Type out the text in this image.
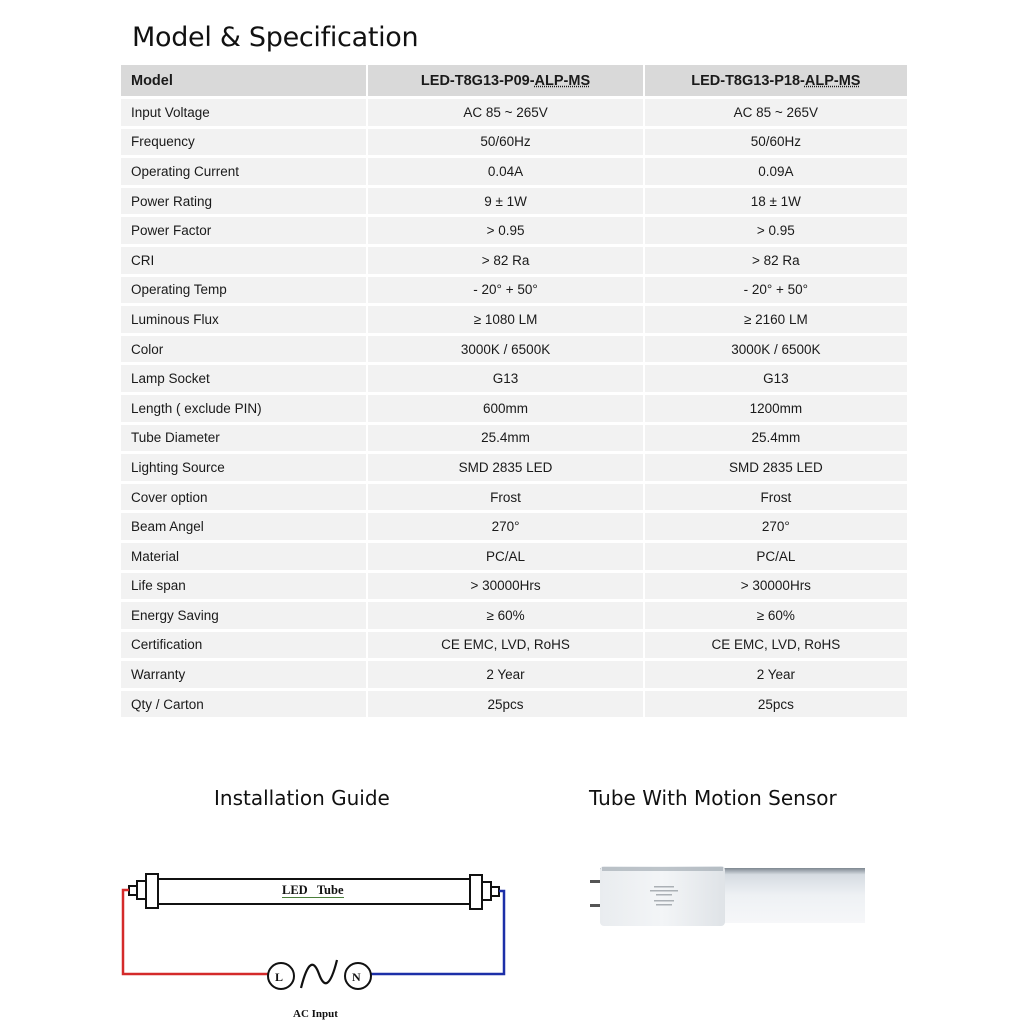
Model & Specification
Model	LED-T8G13-P09- ALP-MS	LED-T8G13-P18- ALP-MS
Input Voltage	AC 85 ~ 265V	AC 85 ~ 265V
Frequency	50/60Hz	50/60Hz
Operating Current	0.04A	0.09A
Power Rating	9 ± 1W	18 ± 1W
Power Factor	> 0.95	> 0.95
CRI	> 82 Ra	> 82 Ra
Operating Temp	- 20° + 50°	- 20° + 50°
Luminous Flux	≥ 1080 LM	≥ 2160 LM
Color	3000K / 6500K	3000K / 6500K
Lamp Socket	G13	G13
Length ( exclude PIN)	600mm	1200mm
Tube Diameter	25.4mm	25.4mm
Lighting Source	SMD 2835 LED	SMD 2835 LED
Cover option	Frost	Frost
Beam Angel	270°	270°
Material	PC/AL	PC/AL
Life span	> 30000Hrs	> 30000Hrs
Energy Saving	≥ 60%	≥ 60%
Certification	CE EMC, LVD, RoHS	CE EMC, LVD, RoHS
Warranty	2 Year	2 Year
Qty / Carton	25pcs	25pcs
Installation Guide	Tube With Motion Sensor
L	N
LED   Tube
AC Input
